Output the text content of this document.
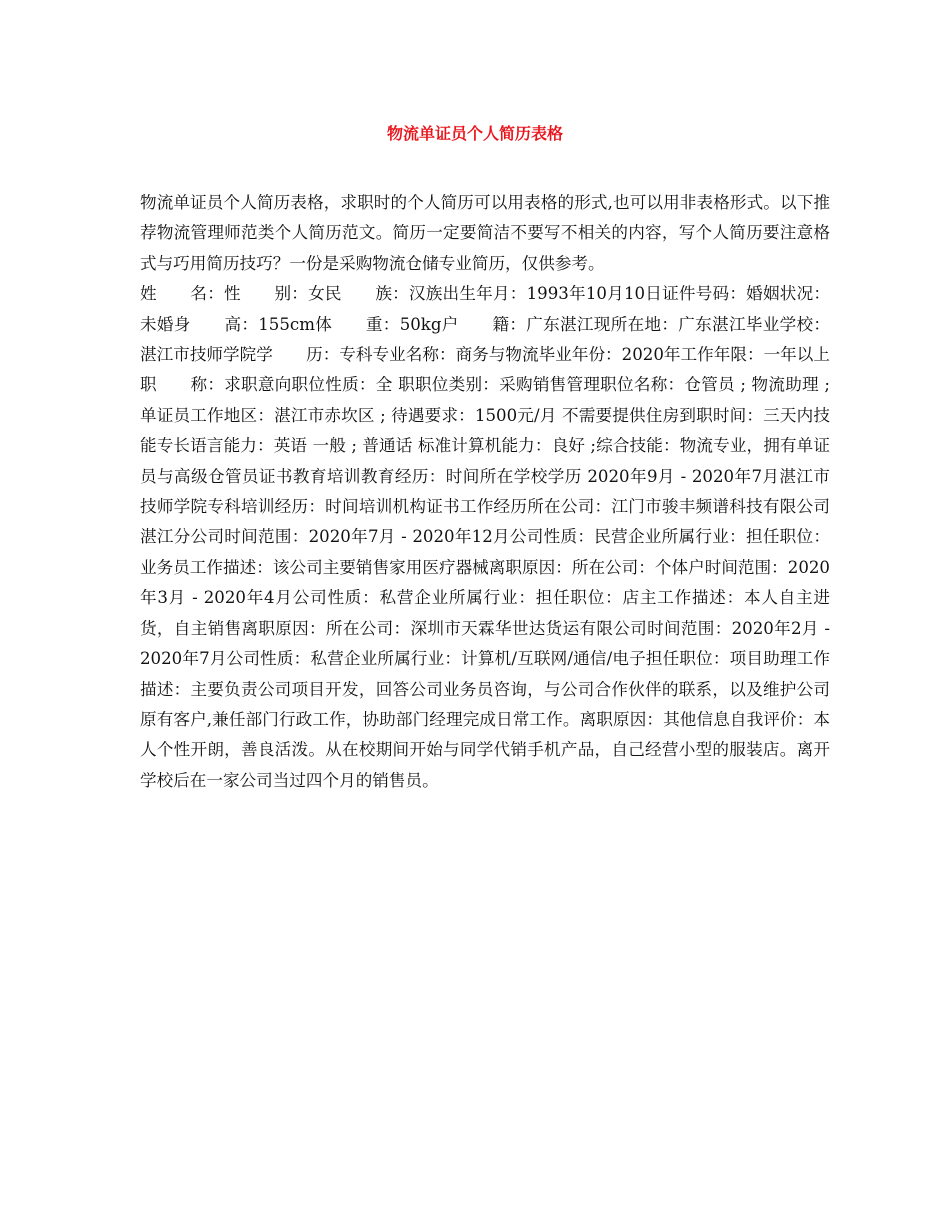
物流单证员个人简历表格

物流单证员个人简历表格，求职时的个人简历可以用表格的形式,也可以用非表格形式。以下推荐物流管理师范类个人简历范文。简历一定要简洁不要写不相关的内容，写个人简历要注意格式与巧用简历技巧？一份是采购物流仓储专业简历，仅供参考。

姓　　名：性　　别：女民　　族：汉族出生年月：1993年10月10日证件号码：婚姻状况：未婚身　　高：155cm体　　重：50kg户　　籍：广东湛江现所在地：广东湛江毕业学校：湛江市技师学院学　　历：专科专业名称：商务与物流毕业年份：2020年工作年限：一年以上职　　称：求职意向职位性质：全 职职位类别：采购销售管理职位名称：仓管员 ; 物流助理 ; 单证员工作地区：湛江市赤坎区 ; 待遇要求：1500元/月 不需要提供住房到职时间：三天内技能专长语言能力：英语 一般 ; 普通话 标准计算机能力：良好 ;综合技能：物流专业，拥有单证员与高级仓管员证书教育培训教育经历：时间所在学校学历 2020年9月 - 2020年7月湛江市技师学院专科培训经历：时间培训机构证书工作经历所在公司：江门市骏丰频谱科技有限公司湛江分公司时间范围：2020年7月 - 2020年12月公司性质：民营企业所属行业：担任职位：业务员工作描述：该公司主要销售家用医疗器械离职原因：所在公司：个体户时间范围：2020年3月 - 2020年4月公司性质：私营企业所属行业：担任职位：店主工作描述：本人自主进货，自主销售离职原因：所在公司：深圳市天霖华世达货运有限公司时间范围：2020年2月 - 2020年7月公司性质：私营企业所属行业：计算机/互联网/通信/电子担任职位：项目助理工作描述：主要负责公司项目开发，回答公司业务员咨询，与公司合作伙伴的联系，以及维护公司原有客户,兼任部门行政工作，协助部门经理完成日常工作。离职原因：其他信息自我评价：本人个性开朗，善良活泼。从在校期间开始与同学代销手机产品，自己经营小型的服装店。离开学校后在一家公司当过四个月的销售员。
